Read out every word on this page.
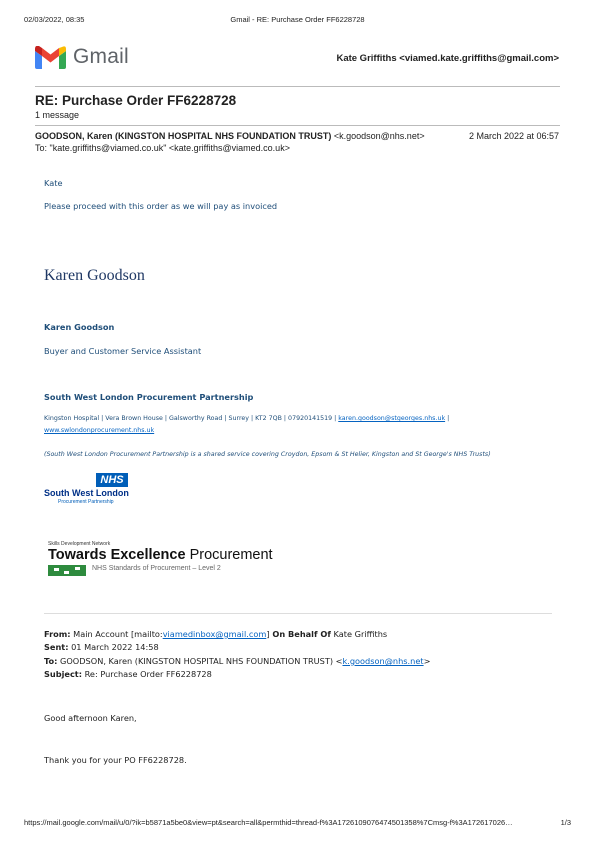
02/03/2022, 08:35	Gmail - RE: Purchase Order FF6228728
Gmail	Kate Griffiths <viamed.kate.griffiths@gmail.com>
RE: Purchase Order FF6228728
1 message
GOODSON, Karen (KINGSTON HOSPITAL NHS FOUNDATION TRUST) <k.goodson@nhs.net>	2 March 2022 at 06:57
To: "kate.griffiths@viamed.co.uk" <kate.griffiths@viamed.co.uk>
Kate
Please proceed with this order as we will pay as invoiced
Karen Goodson
Karen Goodson
Buyer and Customer Service Assistant
South West London Procurement Partnership
Kingston Hospital | Vera Brown House | Galsworthy Road | Surrey | KT2 7QB | 07920141519 | karen.goodson@stgeorges.nhs.uk |
www.swlondonprocurement.nhs.uk
(South West London Procurement Partnership is a shared service covering Croydon, Epsom & St Helier, Kingston and St George's NHS Trusts)
NHS
South West London
Procurement Partnership
Skills Development Network
Towards Excellence Procurement
NHS Standards of Procurement – Level 2
From: Main Account [mailto:viamedinbox@gmail.com] On Behalf Of Kate Griffiths
Sent: 01 March 2022 14:58
To: GOODSON, Karen (KINGSTON HOSPITAL NHS FOUNDATION TRUST) <k.goodson@nhs.net>
Subject: Re: Purchase Order FF6228728
Good afternoon Karen,
Thank you for your PO FF6228728.
https://mail.google.com/mail/u/0/?ik=b5871a5be0&view=pt&search=all&permthid=thread-f%3A1726109076474501358%7Cmsg-f%3A172617026…	1/3
